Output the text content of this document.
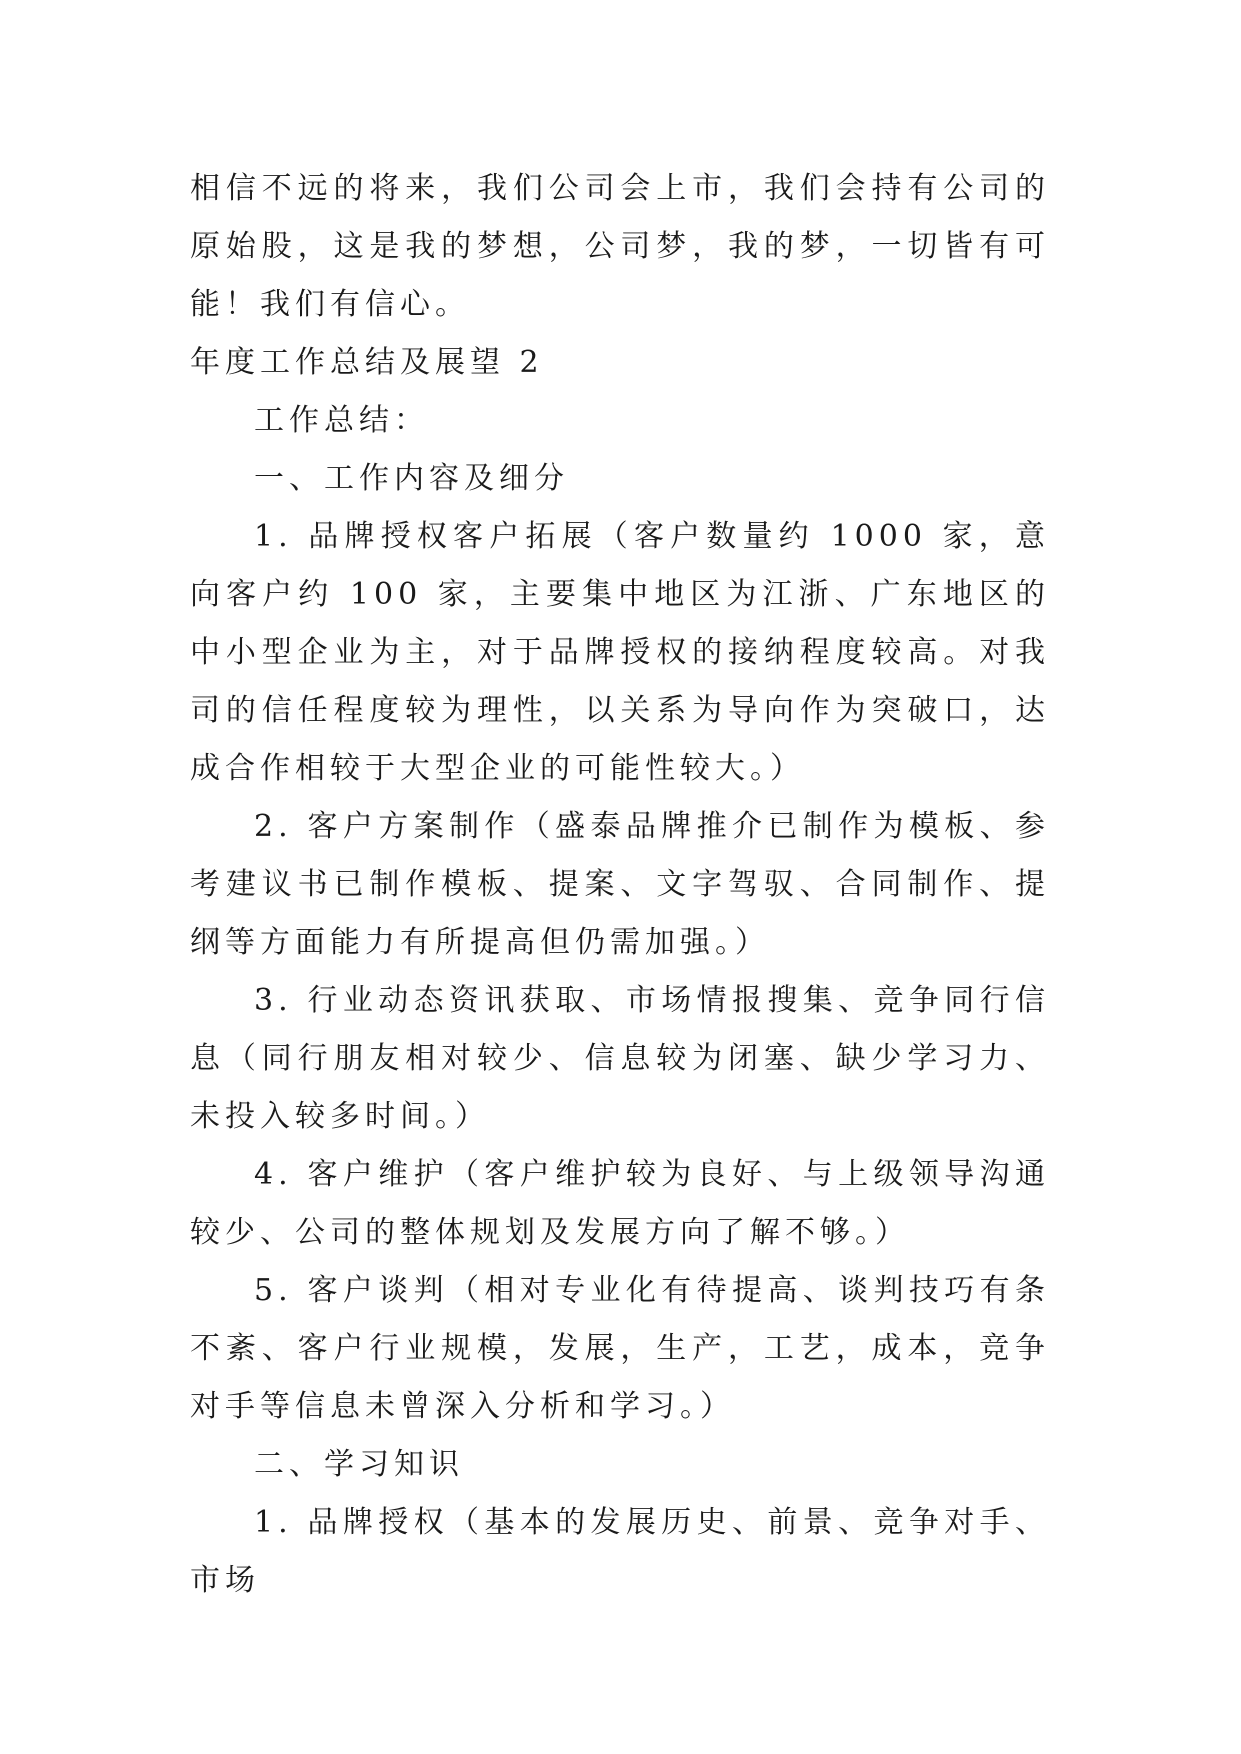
相信不远的将来，我们公司会上市，我们会持有公司的原始股，这是我的梦想，公司梦，我的梦，一切皆有可能！我们有信心。

年度工作总结及展望 2

工作总结：

一、工作内容及细分

1. 品牌授权客户拓展（客户数量约 1000 家，意向客户约 100 家，主要集中地区为江浙、广东地区的中小型企业为主，对于品牌授权的接纳程度较高。对我司的信任程度较为理性，以关系为导向作为突破口，达成合作相较于大型企业的可能性较大。）

2. 客户方案制作（盛泰品牌推介已制作为模板、参考建议书已制作模板、提案、文字驾驭、合同制作、提纲等方面能力有所提高但仍需加强。）

3. 行业动态资讯获取、市场情报搜集、竞争同行信息（同行朋友相对较少、信息较为闭塞、缺少学习力、未投入较多时间。）

4. 客户维护（客户维护较为良好、与上级领导沟通较少、公司的整体规划及发展方向了解不够。）

5. 客户谈判（相对专业化有待提高、谈判技巧有条不紊、客户行业规模，发展，生产，工艺，成本，竞争对手等信息未曾深入分析和学习。）

二、学习知识

1. 品牌授权（基本的发展历史、前景、竞争对手、市场
